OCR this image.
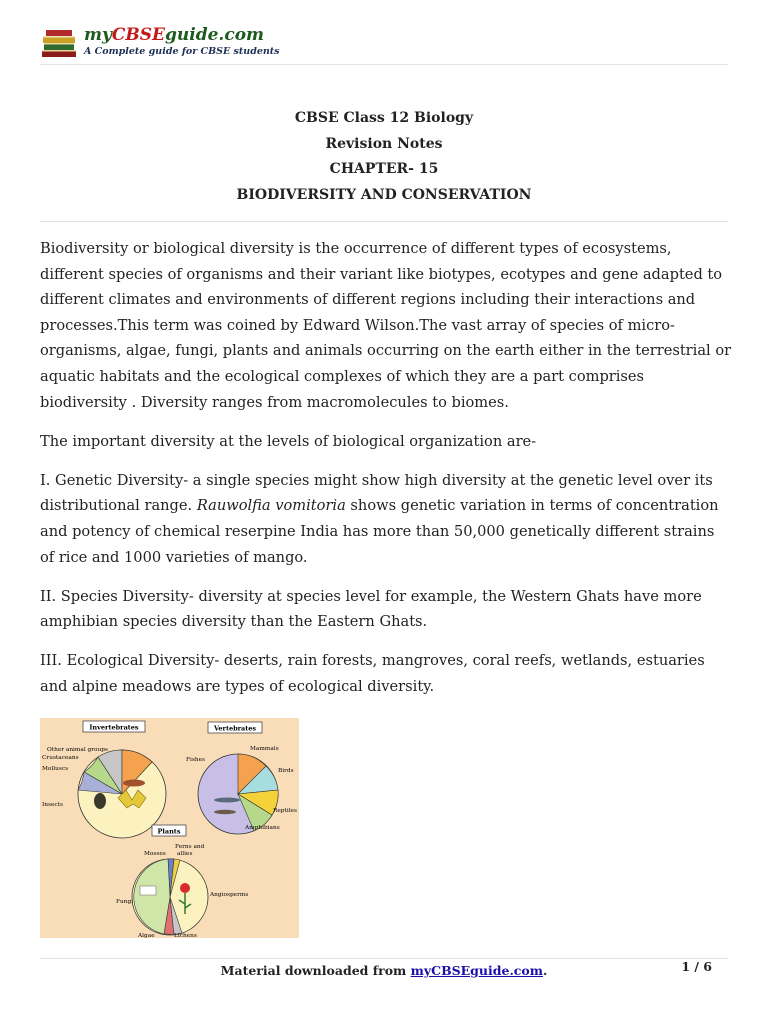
myCBSEguide.com
A Complete guide for CBSE students
CBSE Class 12 Biology
Revision Notes
CHAPTER- 15
BIODIVERSITY AND CONSERVATION

Biodiversity or biological diversity is the occurrence of different types of ecosystems, different species of organisms and their variant like biotypes, ecotypes and gene adapted to different climates and environments of different regions including their interactions and processes.This term was coined by Edward Wilson.The vast array of species of micro-organisms, algae, fungi, plants and animals occurring on the earth either in the terrestrial or aquatic habitats and the ecological complexes of which they are a part comprises biodiversity . Diversity ranges from macromolecules to biomes.

The important diversity at the levels of biological organization are-

I. Genetic Diversity- a single species might show high diversity at the genetic level over its distributional range. Rauwolfia vomitoria shows genetic variation in terms of concentration and potency of chemical reserpine India has more than 50,000 genetically different strains of rice and 1000 varieties of mango.

II. Species Diversity- diversity at species level for example, the Western Ghats have more amphibian species diversity than the Eastern Ghats.

III. Ecological Diversity- deserts, rain forests, mangroves, coral reefs, wetlands, estuaries and alpine meadows are types of ecological diversity.

Invertebrates
Other animal groups
Crustaceans
Molluscs
Insects
Vertebrates
Fishes
Mammals
Birds
Reptiles
Amphibians
Plants
Mosses
Ferns and
allies
Angiosperms
Fungi
Algae	Lichens
Material downloaded from myCBSEguide.com.	1 / 6
